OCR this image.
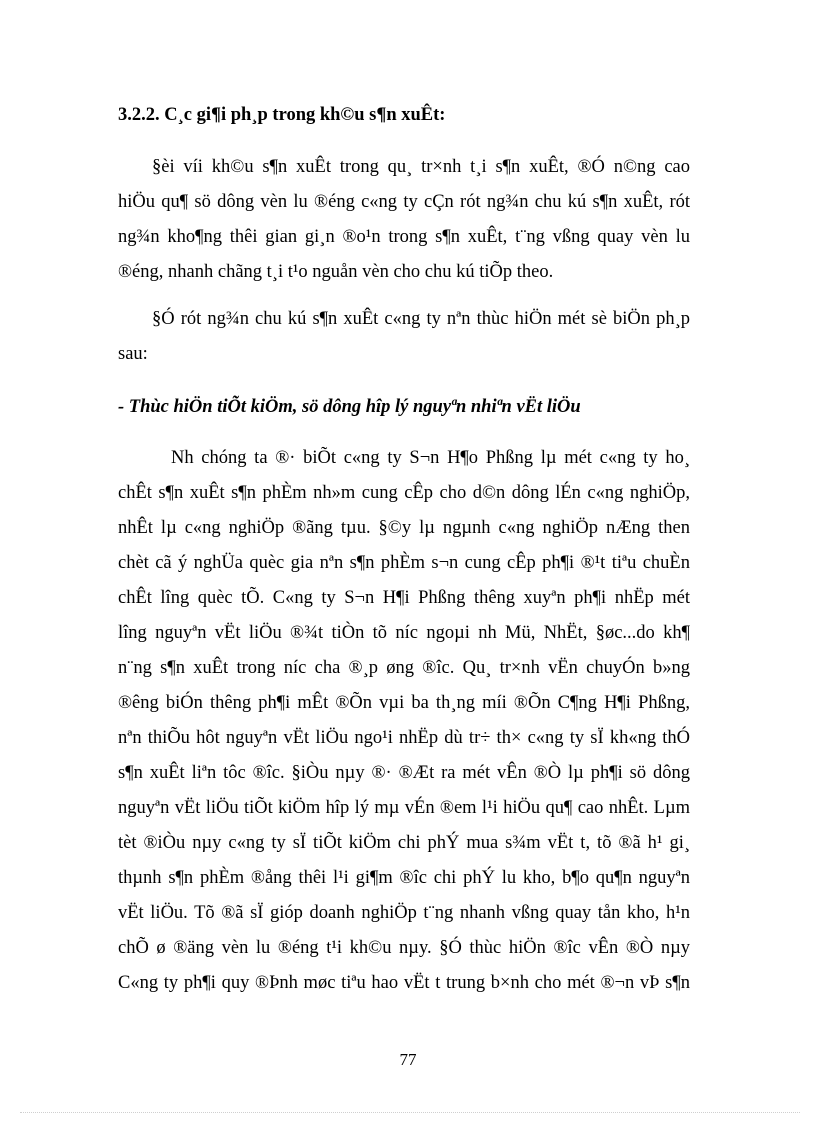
3.2.2. C¸c gi¶i ph¸p trong kh©u s¶n xuÊt:
§èi víi kh©u s¶n xuÊt trong qu¸ tr×nh t¸i s¶n xuÊt, ®Ó n©ng cao
hiÖu qu¶ sö dông vèn lu ®éng c«ng ty cÇn rót ng¾n chu kú s¶n xuÊt, rót
ng¾n kho¶ng thêi gian gi¸n ®o¹n trong s¶n xuÊt, t¨ng vßng quay vèn lu
®éng, nhanh chãng t¸i t¹o nguån vèn cho chu kú tiÕp theo.
§Ó rót ng¾n chu kú s¶n xuÊt c«ng ty nªn thùc hiÖn mét sè biÖn ph¸p
sau:
- Thùc hiÖn tiÕt kiÖm, sö dông hîp lý nguyªn nhiªn vËt liÖu
Nh chóng ta ®· biÕt c«ng ty S¬n H¶o Phßng lµ mét c«ng ty ho¸
chÊt s¶n xuÊt s¶n phÈm nh»m cung cÊp cho d©n dông lÉn c«ng nghiÖp,
nhÊt lµ c«ng nghiÖp ®ãng tµu. §©y lµ ngµnh c«ng nghiÖp nÆng then
chèt cã ý nghÜa quèc gia nªn s¶n phÈm s¬n cung cÊp ph¶i ®¹t tiªu chuÈn
chÊt lîng quèc tÕ. C«ng ty S¬n H¶i Phßng thêng xuyªn ph¶i nhËp mét
lîng nguyªn vËt liÖu ®¾t tiÒn tõ níc ngoµi nh Mü, NhËt, §øc...do kh¶
n¨ng s¶n xuÊt trong níc cha ®¸p øng ®îc. Qu¸ tr×nh vËn chuyÓn b»ng
®êng biÓn thêng ph¶i mÊt ®Õn vµi ba th¸ng míi ®Õn C¶ng H¶i Phßng,
nªn thiÕu hôt nguyªn vËt liÖu ngo¹i nhËp dù tr÷ th× c«ng ty sÏ kh«ng thÓ
s¶n xuÊt liªn tôc ®îc. §iÒu nµy ®· ®Æt ra mét vÊn ®Ò lµ ph¶i sö dông
nguyªn vËt liÖu tiÕt kiÖm hîp lý mµ vÉn ®em l¹i hiÖu qu¶ cao nhÊt. Lµm
tèt ®iÒu nµy c«ng ty sÏ tiÕt kiÖm chi phÝ mua s¾m vËt t, tõ ®ã h¹ gi¸
thµnh s¶n phÈm ®ång thêi l¹i gi¶m ®îc chi phÝ lu kho, b¶o qu¶n nguyªn
vËt liÖu. Tõ ®ã sÏ gióp doanh nghiÖp t¨ng nhanh vßng quay tån kho, h¹n
chÕ ø ®äng vèn lu ®éng t¹i kh©u nµy. §Ó thùc hiÖn ®îc vÊn ®Ò nµy
C«ng ty ph¶i quy ®Þnh møc tiªu hao vËt t trung b×nh cho mét ®¬n vÞ s¶n
77
